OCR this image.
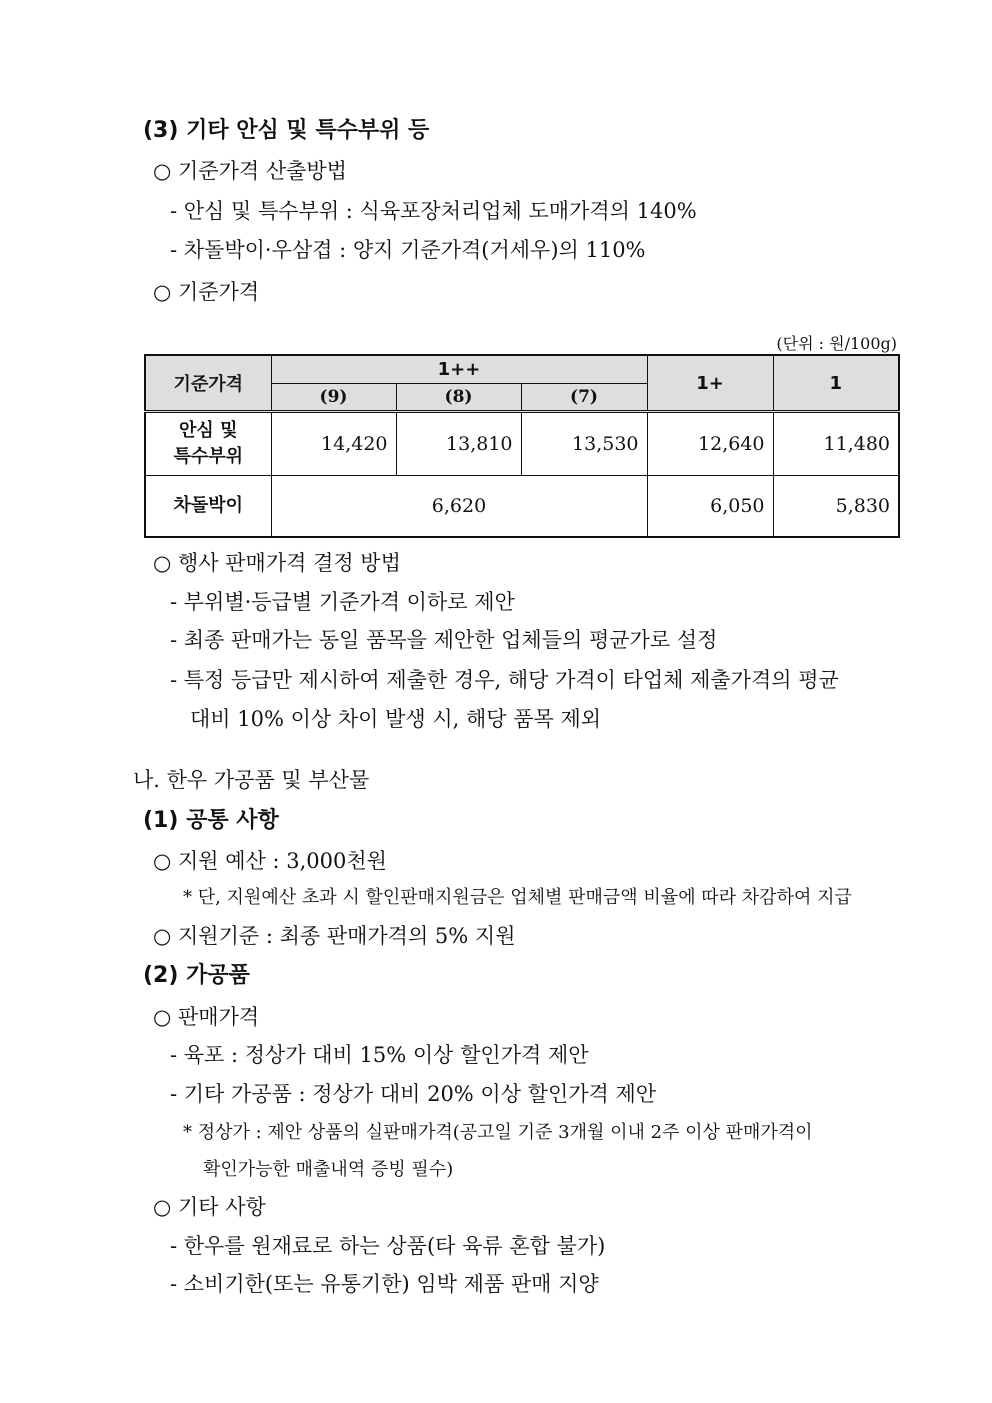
(3) 기타 안심 및 특수부위 등
○ 기준가격 산출방법
- 안심 및 특수부위 : 식육포장처리업체 도매가격의 140%
- 차돌박이·우삼겹 : 양지 기준가격(거세우)의 110%
○ 기준가격
(단위 : 원/100g)
기준가격	1++			1+	1
	(9)	(8)	(7)		
안심 및
특수부위	14,420	13,810	13,530	12,640	11,480
차돌박이	6,620			6,050	5,830
○ 행사 판매가격 결정 방법
- 부위별·등급별 기준가격 이하로 제안
- 최종 판매가는 동일 품목을 제안한 업체들의 평균가로 설정
- 특정 등급만 제시하여 제출한 경우, 해당 가격이 타업체 제출가격의 평균
대비 10% 이상 차이 발생 시, 해당 품목 제외
나. 한우 가공품 및 부산물
(1) 공통 사항
○ 지원 예산 : 3,000천원
* 단, 지원예산 초과 시 할인판매지원금은 업체별 판매금액 비율에 따라 차감하여 지급
○ 지원기준 : 최종 판매가격의 5% 지원
(2) 가공품
○ 판매가격
- 육포 : 정상가 대비 15% 이상 할인가격 제안
- 기타 가공품 : 정상가 대비 20% 이상 할인가격 제안
* 정상가 : 제안 상품의 실판매가격(공고일 기준 3개월 이내 2주 이상 판매가격이
확인가능한 매출내역 증빙 필수)
○ 기타 사항
- 한우를 원재료로 하는 상품(타 육류 혼합 불가)
- 소비기한(또는 유통기한) 임박 제품 판매 지양
